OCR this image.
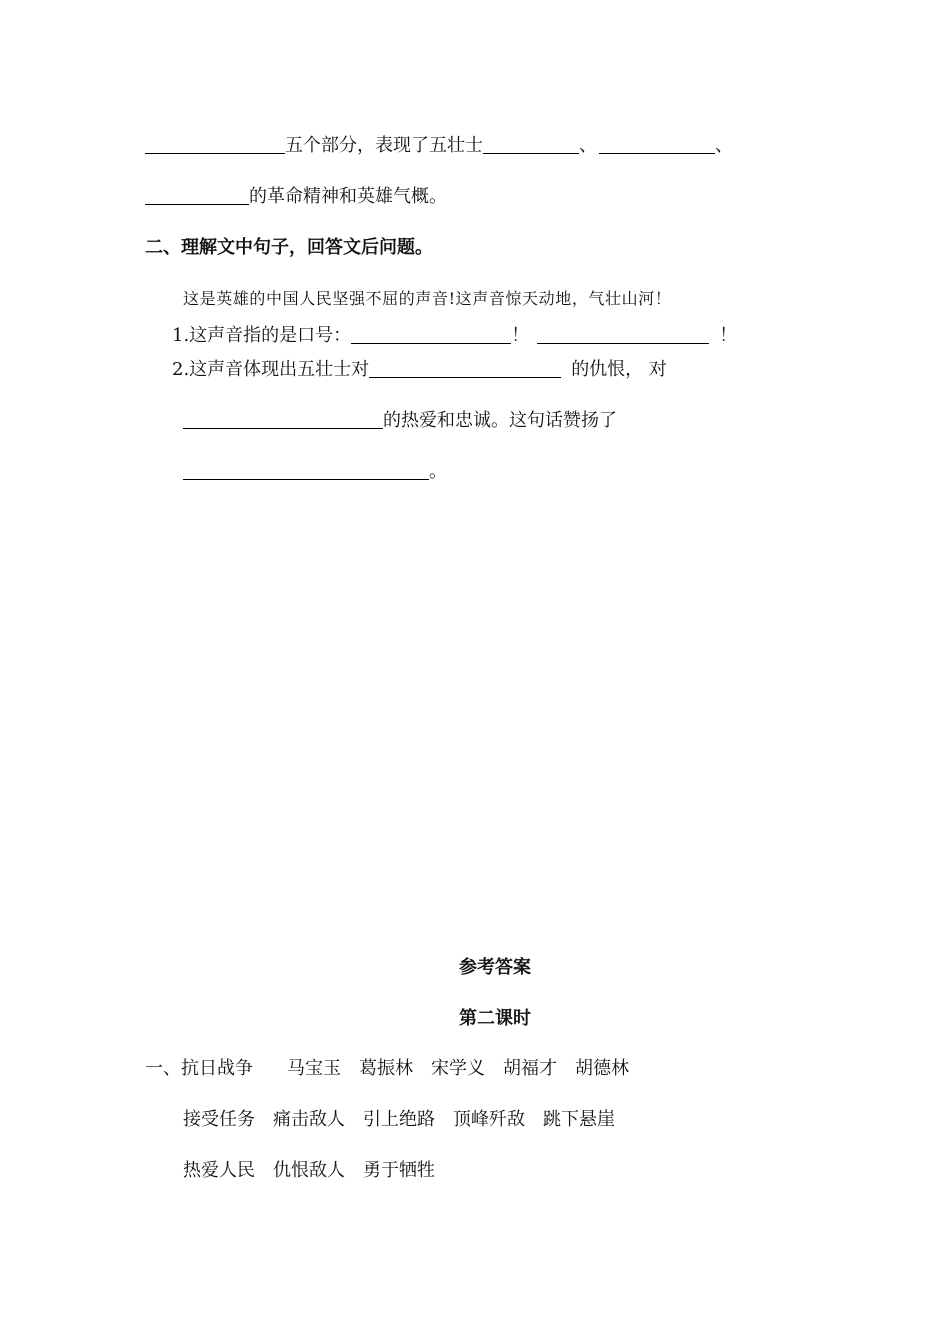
五个部分，表现了五壮士	、	、
的革命精神和英雄气概。
二、理解文中句子，回答文后问题。
这是英雄的中国人民坚强不屈的声音!这声音惊天动地，气壮山河！
1.这声音指的是口号：	！	！
2.这声音体现出五壮士对	的仇恨， 对
的热爱和忠诚。这句话赞扬了
。
参考答案
第二课时
一、抗日战争 马宝玉 葛振林 宋学义 胡福才 胡德林
接受任务 痛击敌人 引上绝路 顶峰歼敌 跳下悬崖
热爱人民 仇恨敌人 勇于牺牲
